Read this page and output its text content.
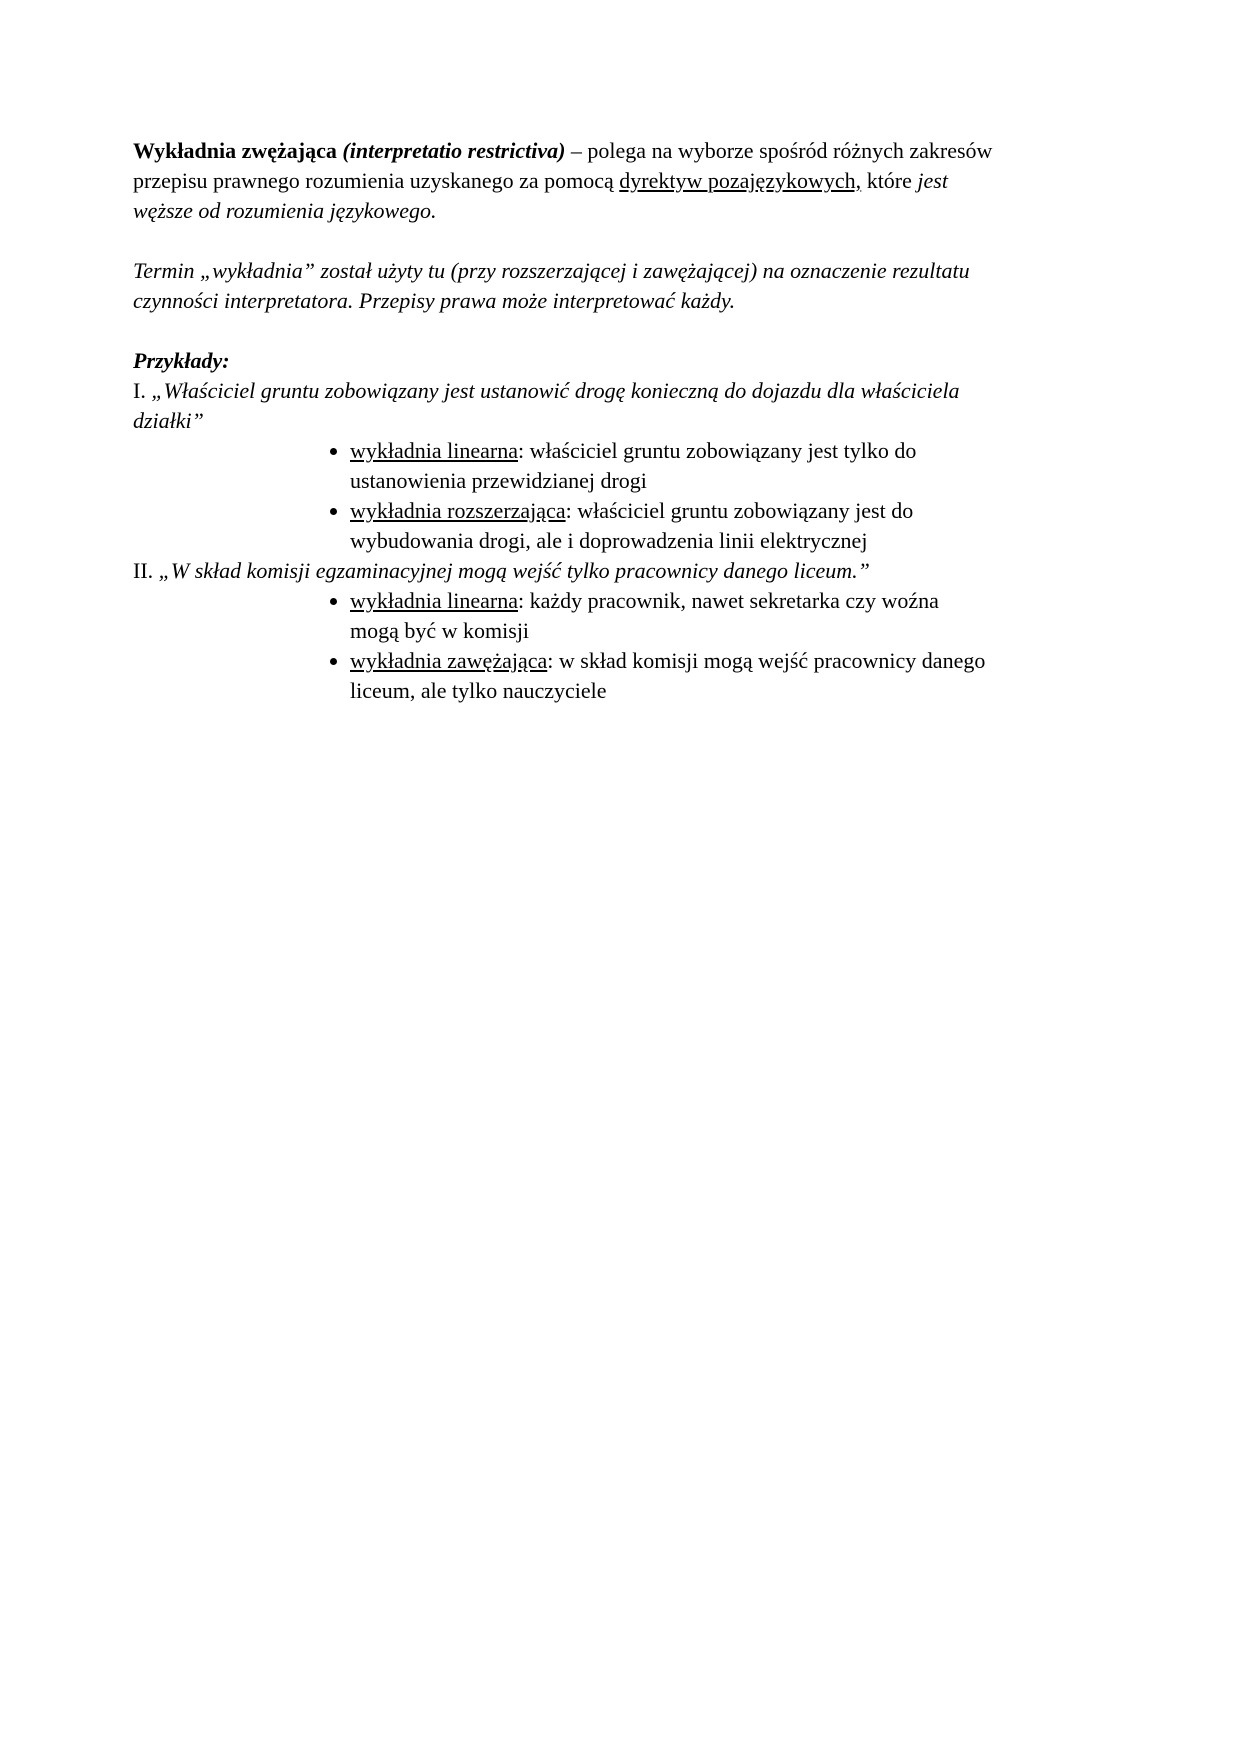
Wykładnia zwężająca (interpretatio restrictiva) – polega na wyborze spośród różnych zakresów przepisu prawnego rozumienia uzyskanego za pomocą dyrektyw pozajęzykowych, które jest węższe od rozumienia językowego.

Termin „wykładnia” został użyty tu (przy rozszerzającej i zawężającej) na oznaczenie rezultatu czynności interpretatora. Przepisy prawa może interpretować każdy.

Przykłady:

I. „Właściciel gruntu zobowiązany jest ustanowić drogę konieczną do dojazdu dla właściciela działki”

• wykładnia linearna: właściciel gruntu zobowiązany jest tylko do ustanowienia przewidzianej drogi
• wykładnia rozszerzająca: właściciel gruntu zobowiązany jest do wybudowania drogi, ale i doprowadzenia linii elektrycznej

II. „W skład komisji egzaminacyjnej mogą wejść tylko pracownicy danego liceum.”

• wykładnia linearna: każdy pracownik, nawet sekretarka czy woźna mogą być w komisji
• wykładnia zawężająca: w skład komisji mogą wejść pracownicy danego liceum, ale tylko nauczyciele
